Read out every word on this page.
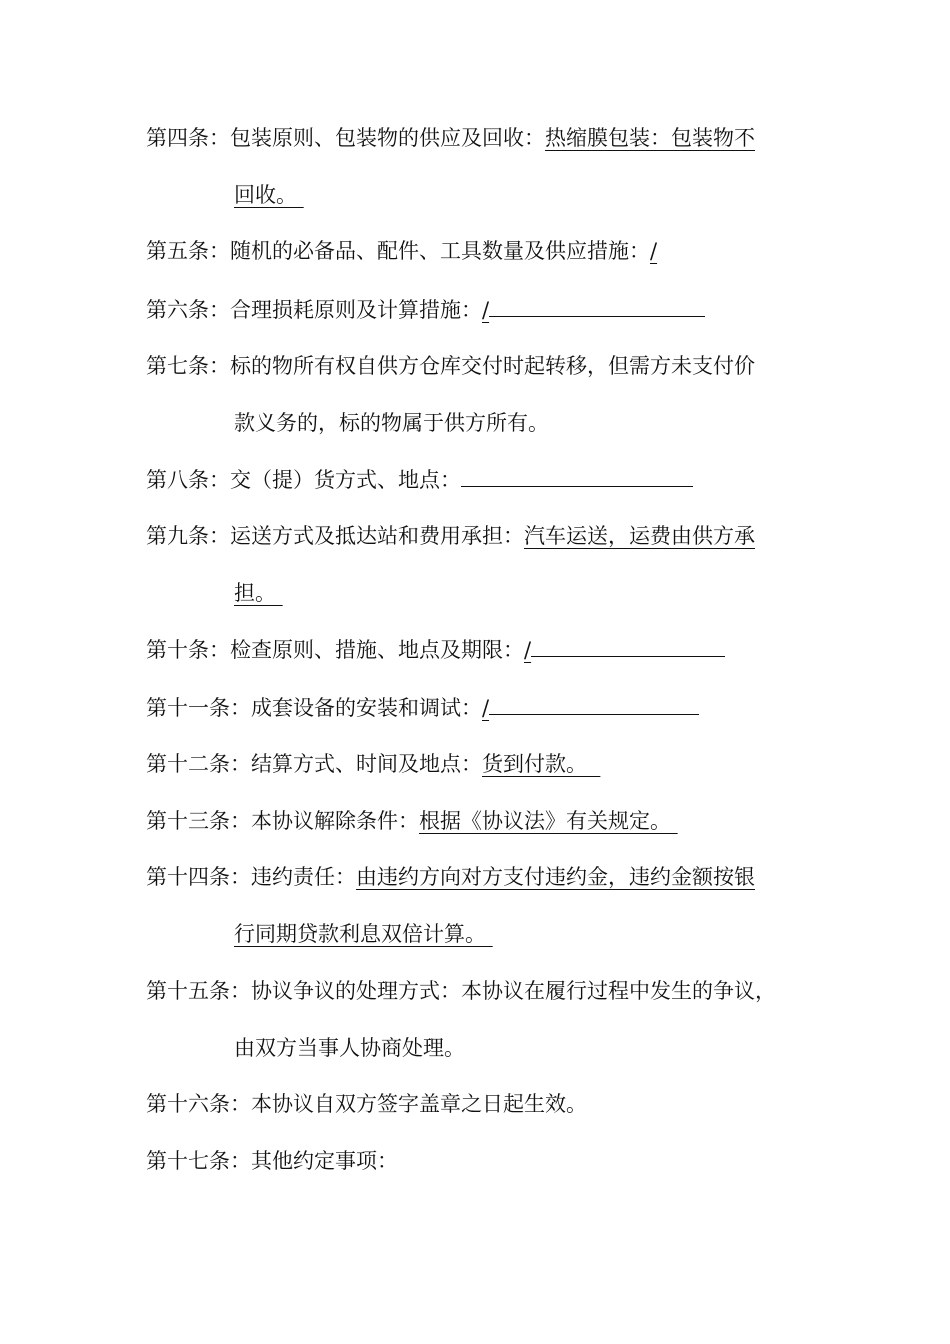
第四条：包装原则、包装物的供应及回收：热缩膜包装：包装物不
回收。
第五条：随机的必备品、配件、工具数量及供应措施：/
第六条：合理损耗原则及计算措施：/
第七条：标的物所有权自供方仓库交付时起转移，但需方未支付价
款义务的，标的物属于供方所有。
第八条：交（提）货方式、地点：
第九条：运送方式及抵达站和费用承担：汽车运送，运费由供方承
担。
第十条：检查原则、措施、地点及期限：/
第十一条：成套设备的安装和调试：/
第十二条：结算方式、时间及地点：货到付款。
第十三条：本协议解除条件：根据《协议法》有关规定。
第十四条：违约责任：由违约方向对方支付违约金，违约金额按银
行同期贷款利息双倍计算。
第十五条：协议争议的处理方式：本协议在履行过程中发生的争议，
由双方当事人协商处理。
第十六条：本协议自双方签字盖章之日起生效。
第十七条：其他约定事项：
